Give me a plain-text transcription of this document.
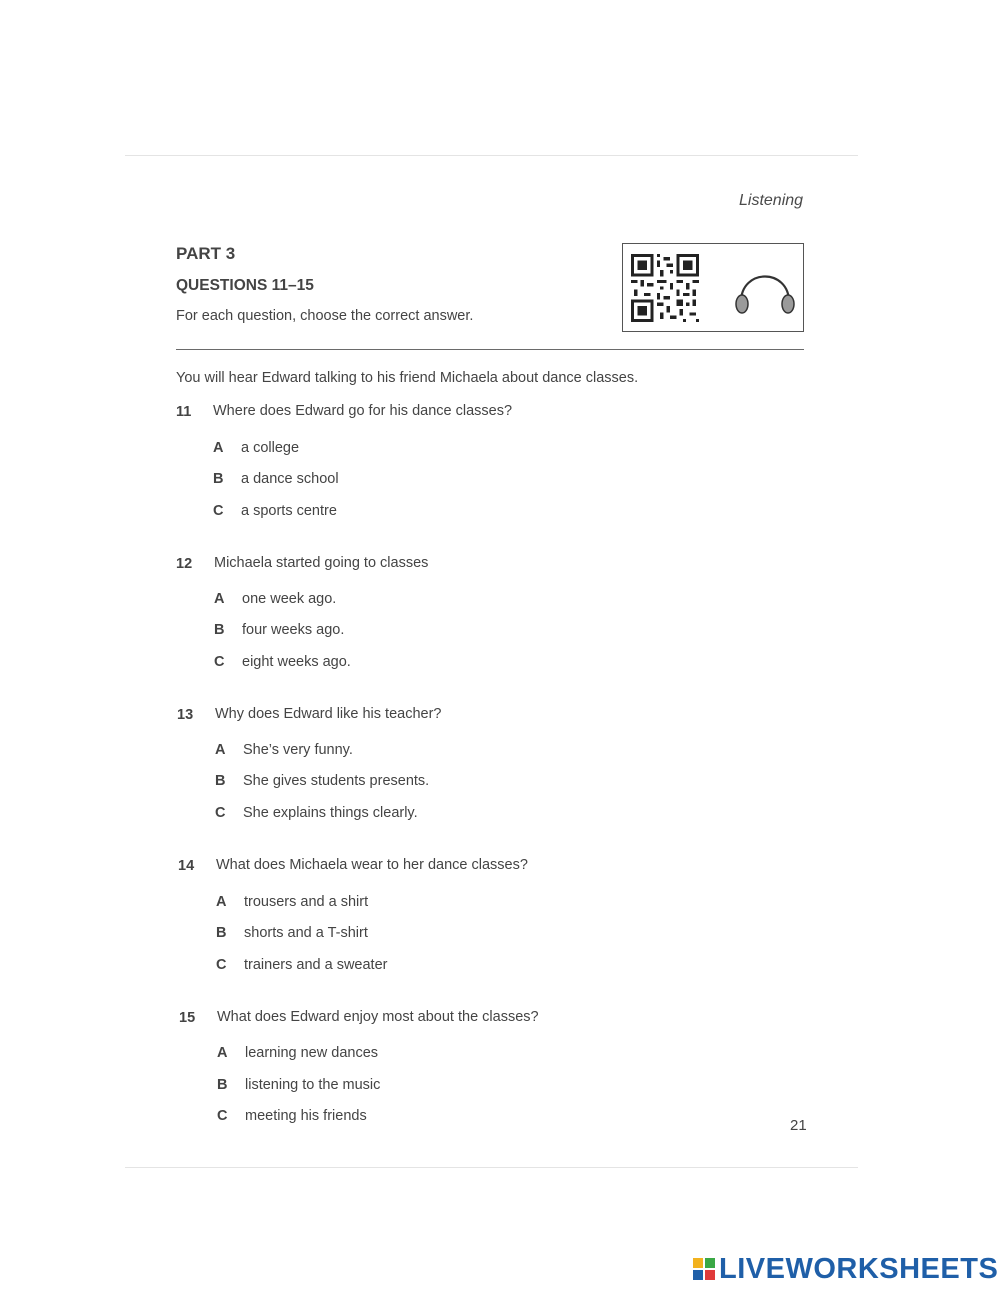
Listening
PART 3
QUESTIONS 11–15
For each question, choose the correct answer.
You will hear Edward talking to his friend Michaela about dance classes.
11 Where does Edward go for his dance classes?
A a college
B a dance school
C a sports centre
12 Michaela started going to classes
A one week ago.
B four weeks ago.
C eight weeks ago.
13 Why does Edward like his teacher?
A She’s very funny.
B She gives students presents.
C She explains things clearly.
14 What does Michaela wear to her dance classes?
A trousers and a shirt
B shorts and a T-shirt
C trainers and a sweater
15 What does Edward enjoy most about the classes?
A learning new dances
B listening to the music
C meeting his friends
21
LIVEWORKSHEETS
